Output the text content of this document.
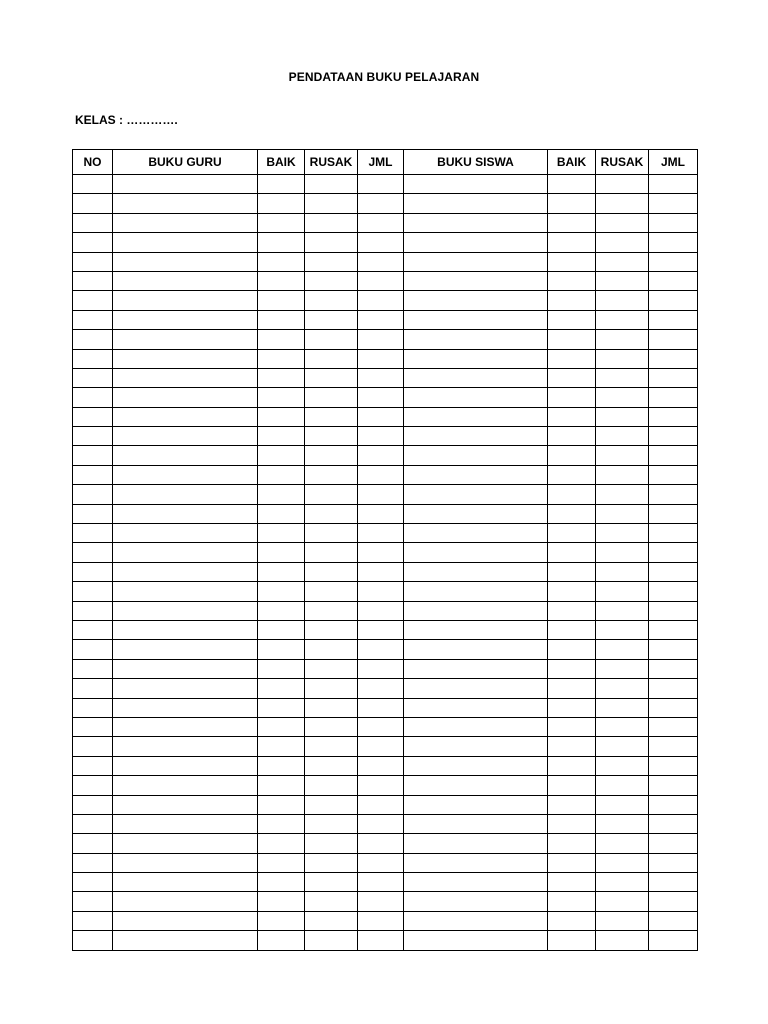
PENDATAAN BUKU PELAJARAN
KELAS : ………….
NO	BUKU GURU	BAIK	RUSAK	JML	BUKU SISWA	BAIK	RUSAK	JML
